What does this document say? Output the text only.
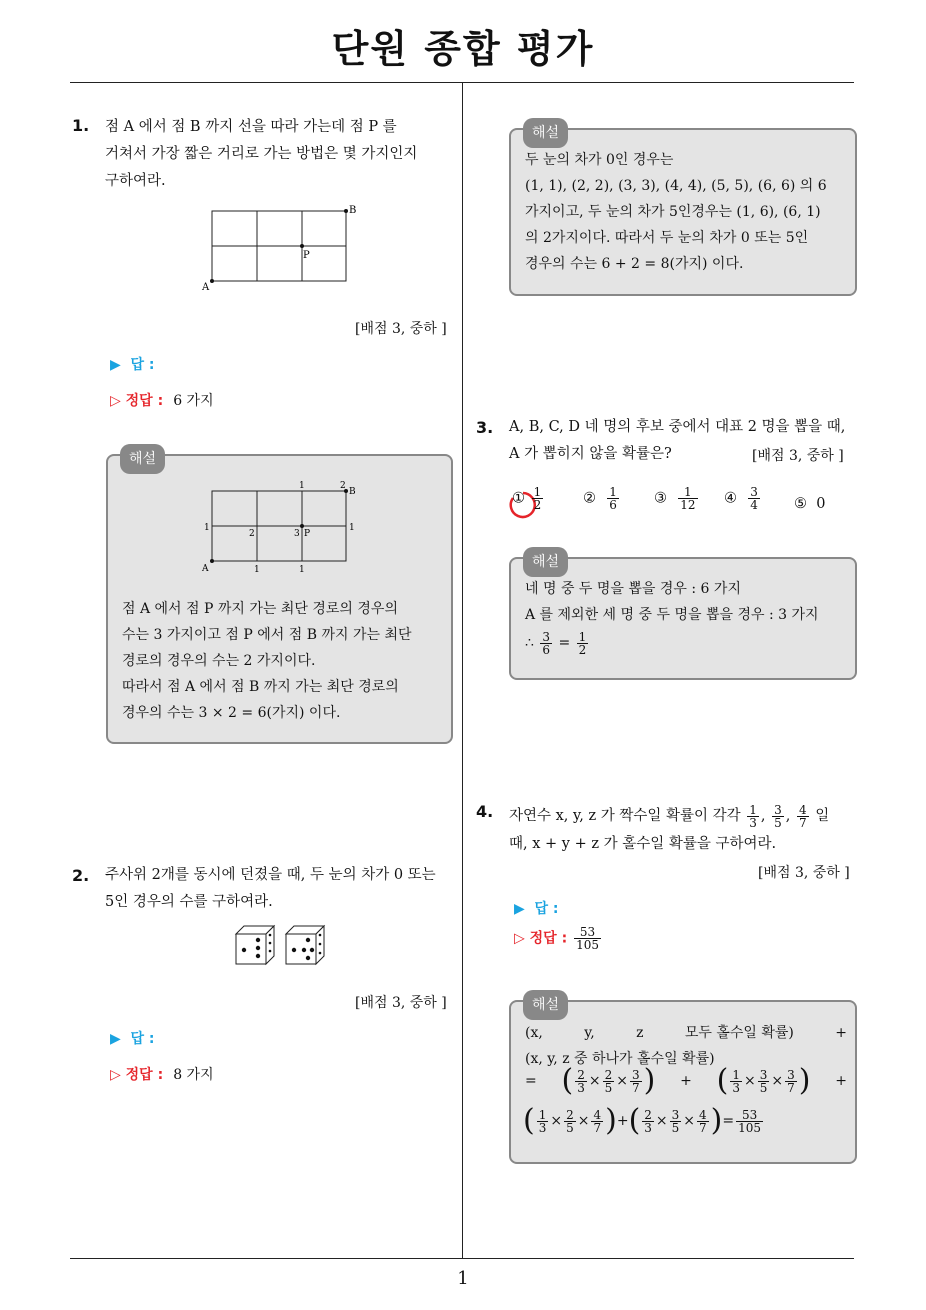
단원 종합 평가
1
1. 점 A 에서 점 B 까지 선을 따라 가는데 점 P 를
거쳐서 가장 짧은 거리로 가는 방법은 몇 가지인지
구하여라.
A
B
P
[배점 3, 중하 ]
▶ 답 :
▷ 정답 : 6 가지
해설
A
B
P
1	2
1
2	3
1
1	1
점 A 에서 점 P 까지 가는 최단 경로의 경우의
수는 3 가지이고 점 P 에서 점 B 까지 가는 최단
경로의 경우의 수는 2 가지이다.
따라서 점 A 에서 점 B 까지 가는 최단 경로의
경우의 수는 3 × 2 = 6(가지) 이다.
2. 주사위 2개를 동시에 던졌을 때, 두 눈의 차가 0 또는
5인 경우의 수를 구하여라.
[배점 3, 중하 ]
▶ 답 :
▷ 정답 : 8 가지
해설
두 눈의 차가 0인 경우는
(1, 1), (2, 2), (3, 3), (4, 4), (5, 5), (6, 6) 의 6
가지이고, 두 눈의 차가 5인경우는 (1, 6), (6, 1)
의 2가지이다. 따라서 두 눈의 차가 0 또는 5인
경우의 수는 6 + 2 = 8(가지) 이다.
3. A, B, C, D 네 명의 후보 중에서 대표 2 명을 뽑을 때,
A 가 뽑히지 않을 확률은?	[배점 3, 중하 ]
① $\frac{1}{2}$	② $\frac{1}{6}$ ③ $\frac{1}{12}$ ④ $\frac{3}{4}$ ⑤ 0
해설
네 명 중 두 명을 뽑을 경우 : 6 가지
A 를 제외한 세 명 중 두 명을 뽑을 경우 : 3 가지
∴ $\frac{3}{6} = \frac{1}{2}$
4. 자연수 x, y, z 가 짝수일 확률이 각각 $\frac{1}{3}$ , $\frac{3}{5}$ , $\frac{4}{7}$ 일
때, x + y + z 가 홀수일 확률을 구하여라.
[배점 3, 중하 ]
▶ 답 :
▷ 정답 : $\frac{53}{105}$
해설
(x,	y,	z	모두 홀수일 확률)	+
(x, y, z 중 하나가 홀수일 확률)
= ( $\frac{2}{3} \times \frac{2}{5} \times \frac{3}{7}$ ) + ( $\frac{1}{3} \times \frac{3}{5} \times \frac{3}{7}$ ) +
( $\frac{1}{3} \times \frac{2}{5} \times \frac{4}{7}$ ) + ( $\frac{2}{3} \times \frac{3}{5} \times \frac{4}{7}$ ) = $\frac{53}{105}$
